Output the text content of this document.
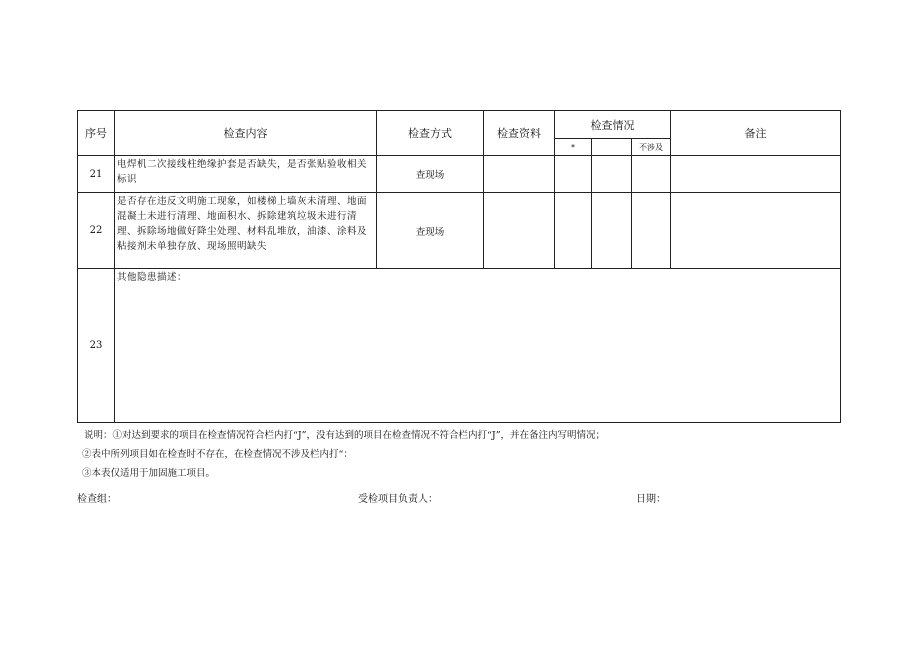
序号	检查内容	检查方式	检查资料	检查情况			备注
				*		不涉及	
21	电焊机二次接线柱绝缘护套是否缺失，是否张贴验收相关标识	查现场					
22	是否存在违反文明施工现象，如楼梯上墙灰未清理、地面混凝土未进行清理、地面积水、拆除建筑垃圾未进行清理、拆除场地做好降尘处理、材料乱堆放，油漆、涂料及粘接剂未单独存放、现场照明缺失	查现场					
23	其他隐患描述：						
说明：①对达到要求的项目在检查情况符合栏内打“J”，没有达到的项目在检查情况不符合栏内打“J”，并在备注内写明情况；
②表中所列项目如在检查时不存在，在检查情况不涉及栏内打“：
③本表仅适用于加固施工项目。
检查组：	受检项目负责人：	日期：
